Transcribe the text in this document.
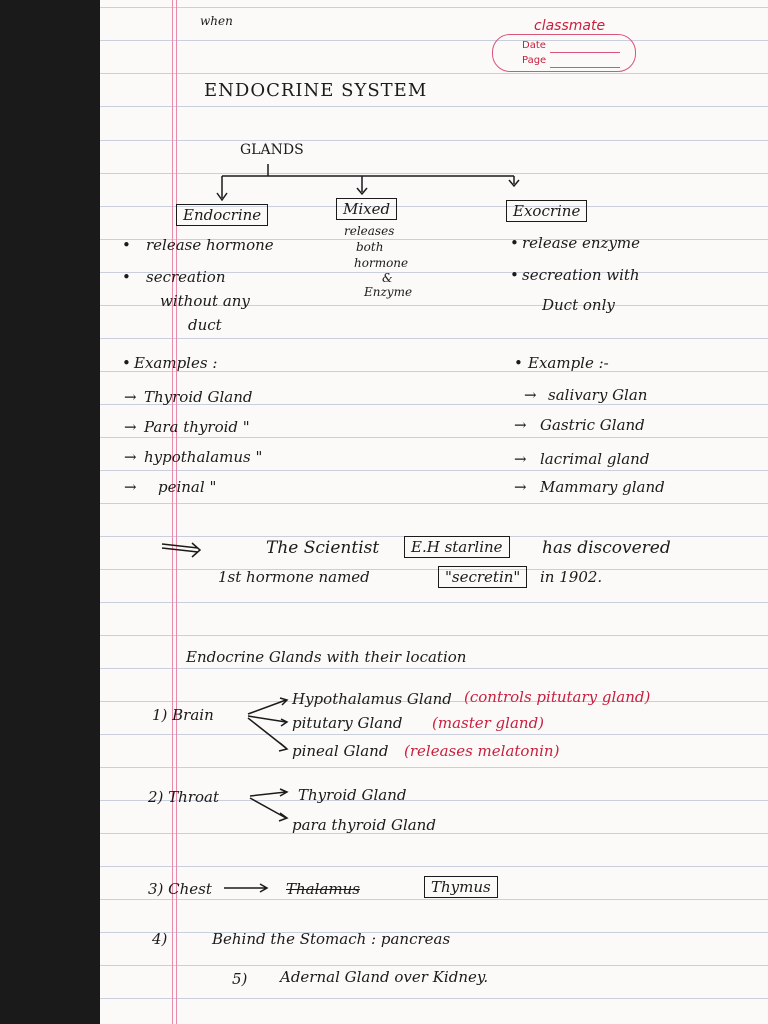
when	classmate
Date
Page
ENDOCRINE SYSTEM
GLANDS
Endocrine
• release hormone
• secreation
without any
duct
Mixed
releases
both
hormone
&
Enzyme
Exocrine
• release enzyme
• secreation with
Duct only
• Examples :
→ Thyroid Gland
→ Para thyroid "
→ hypothalamus "
→ peinal "
• Example :-
→ salivary Glan
→ Gastric Gland
→ lacrimal gland
→ Mammary gland
The Scientist	E.H starline	has discovered
1st hormone named	"secretin"	in 1902.
Endocrine Glands with their location
1) Brain
Hypothalamus Gland (controls pitutary gland)
pitutary Gland (master gland)
pineal Gland (releases melatonin)
2) Throat	Thyroid Gland
para thyroid Gland
3) Chest	Thalamus	Thymus
4)	Behind the Stomach : pancreas
5) Adernal Gland over Kidney.
